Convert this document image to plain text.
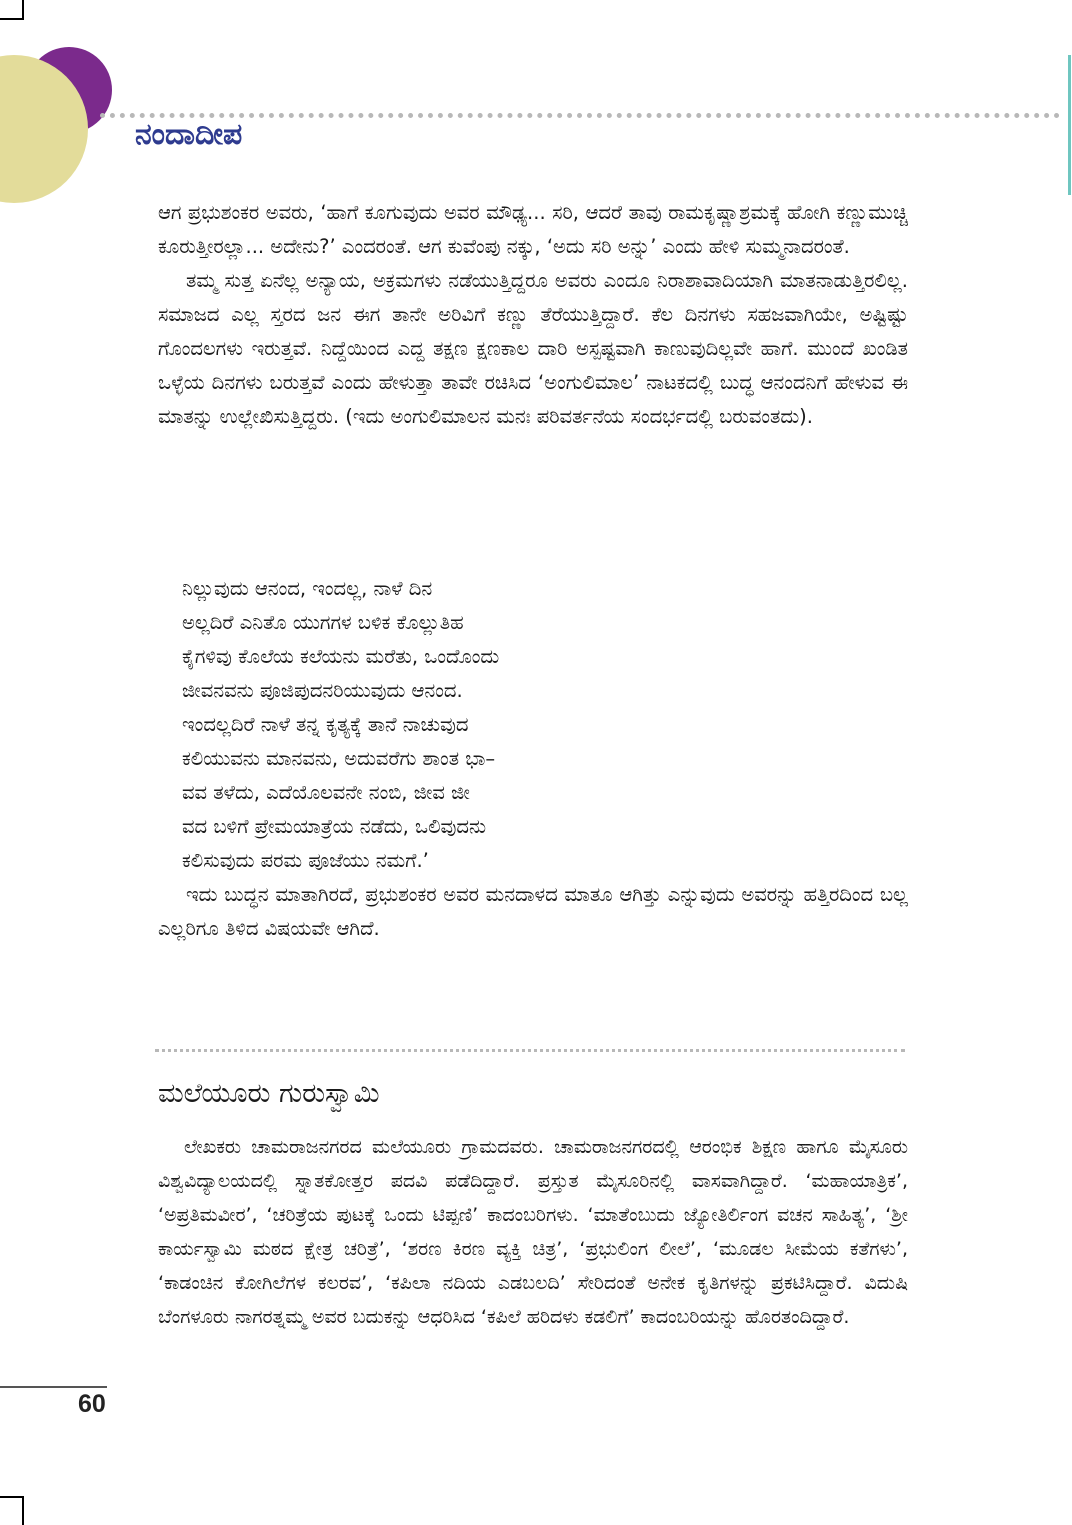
ನಂದಾದೀಪ

ಆಗ ಪ್ರಭುಶಂಕರ ಅವರು, ‘ಹಾಗೆ ಕೂಗುವುದು ಅವರ ಮೌಢ್ಯ... ಸರಿ, ಆದರೆ ತಾವು ರಾಮಕೃಷ್ಣಾಶ್ರಮಕ್ಕೆ ಹೋಗಿ ಕಣ್ಣುಮುಚ್ಚಿ ಕೂರುತ್ತೀರಲ್ಲಾ... ಅದೇನು?’ ಎಂದರಂತೆ. ಆಗ ಕುವೆಂಪು ನಕ್ಕು, ‘ಅದು ಸರಿ ಅನ್ನು’ ಎಂದು ಹೇಳಿ ಸುಮ್ಮನಾದರಂತೆ.

ತಮ್ಮ ಸುತ್ತ ಏನೆಲ್ಲ ಅನ್ಯಾಯ, ಅಕ್ರಮಗಳು ನಡೆಯುತ್ತಿದ್ದರೂ ಅವರು ಎಂದೂ ನಿರಾಶಾವಾದಿಯಾಗಿ ಮಾತನಾಡುತ್ತಿರಲಿಲ್ಲ. ಸಮಾಜದ ಎಲ್ಲ ಸ್ತರದ ಜನ ಈಗ ತಾನೇ ಅರಿವಿಗೆ ಕಣ್ಣು ತೆರೆಯುತ್ತಿದ್ದಾರೆ. ಕೆಲ ದಿನಗಳು ಸಹಜವಾಗಿಯೇ, ಅಷ್ಟಿಷ್ಟು ಗೊಂದಲಗಳು ಇರುತ್ತವೆ. ನಿದ್ದೆಯಿಂದ ಎದ್ದ ತಕ್ಷಣ ಕ್ಷಣಕಾಲ ದಾರಿ ಅಸ್ಪಷ್ಟವಾಗಿ ಕಾಣುವುದಿಲ್ಲವೇ ಹಾಗೆ. ಮುಂದೆ ಖಂಡಿತ ಒಳ್ಳೆಯ ದಿನಗಳು ಬರುತ್ತವೆ ಎಂದು ಹೇಳುತ್ತಾ ತಾವೇ ರಚಿಸಿದ ‘ಅಂಗುಲಿಮಾಲ’ ನಾಟಕದಲ್ಲಿ ಬುದ್ಧ ಆನಂದನಿಗೆ ಹೇಳುವ ಈ ಮಾತನ್ನು ಉಲ್ಲೇಖಿಸುತ್ತಿದ್ದರು. (ಇದು ಅಂಗುಲಿಮಾಲನ ಮನಃ ಪರಿವರ್ತನೆಯ ಸಂದರ್ಭದಲ್ಲಿ ಬರುವಂತದು).

ನಿಲ್ಲುವುದು ಆನಂದ, ಇಂದಲ್ಲ, ನಾಳೆ ದಿನ
ಅಲ್ಲದಿರೆ ಎನಿತೊ ಯುಗಗಳ ಬಳಿಕ ಕೊಲ್ಲುತಿಹ
ಕೈಗಳಿವು ಕೊಲೆಯ ಕಲೆಯನು ಮರೆತು, ಒಂದೊಂದು
ಜೀವನವನು ಪೂಜಿಪುದನರಿಯುವುದು ಆನಂದ.
ಇಂದಲ್ಲದಿರೆ ನಾಳೆ ತನ್ನ ಕೃತ್ಯಕ್ಕೆ ತಾನೆ ನಾಚುವುದ
ಕಲಿಯುವನು ಮಾನವನು, ಅದುವರೆಗು ಶಾಂತ ಭಾ–
ವವ ತಳೆದು, ಎದೆಯೊಲವನೇ ನಂಬಿ, ಜೀವ ಜೀ
ವದ ಬಳಿಗೆ ಪ್ರೇಮಯಾತ್ರೆಯ ನಡೆದು, ಒಲಿವುದನು
ಕಲಿಸುವುದು ಪರಮ ಪೂಜೆಯು ನಮಗೆ.’

ಇದು ಬುದ್ಧನ ಮಾತಾಗಿರದೆ, ಪ್ರಭುಶಂಕರ ಅವರ ಮನದಾಳದ ಮಾತೂ ಆಗಿತ್ತು ಎನ್ನುವುದು ಅವರನ್ನು ಹತ್ತಿರದಿಂದ ಬಲ್ಲ ಎಲ್ಲರಿಗೂ ತಿಳಿದ ವಿಷಯವೇ ಆಗಿದೆ.

ಮಲೆಯೂರು ಗುರುಸ್ವಾಮಿ

ಲೇಖಕರು ಚಾಮರಾಜನಗರದ ಮಲೆಯೂರು ಗ್ರಾಮದವರು. ಚಾಮರಾಜನಗರದಲ್ಲಿ ಆರಂಭಿಕ ಶಿಕ್ಷಣ ಹಾಗೂ ಮೈಸೂರು ವಿಶ್ವವಿದ್ಯಾಲಯದಲ್ಲಿ ಸ್ನಾತಕೋತ್ತರ ಪದವಿ ಪಡೆದಿದ್ದಾರೆ. ಪ್ರಸ್ತುತ ಮೈಸೂರಿನಲ್ಲಿ ವಾಸವಾಗಿದ್ದಾರೆ. ‘ಮಹಾಯಾತ್ರಿಕ’, ‘ಅಪ್ರತಿಮವೀರ’, ‘ಚರಿತ್ರೆಯ ಪುಟಕ್ಕೆ ಒಂದು ಟಿಪ್ಪಣಿ’ ಕಾದಂಬರಿಗಳು. ‘ಮಾತೆಂಬುದು ಜ್ಯೋತಿರ್ಲಿಂಗ ವಚನ ಸಾಹಿತ್ಯ’, ‘ಶ್ರೀ ಕಾರ್ಯಸ್ವಾಮಿ ಮಠದ ಕ್ಷೇತ್ರ ಚರಿತ್ರೆ’, ‘ಶರಣ ಕಿರಣ ವ್ಯಕ್ತಿ ಚಿತ್ರ’, ‘ಪ್ರಭುಲಿಂಗ ಲೀಲೆ’, ‘ಮೂಡಲ ಸೀಮೆಯ ಕತೆಗಳು’, ‘ಕಾಡಂಚಿನ ಕೋಗಿಲೆಗಳ ಕಲರವ’, ‘ಕಪಿಲಾ ನದಿಯ ಎಡಬಲದಿ’ ಸೇರಿದಂತೆ ಅನೇಕ ಕೃತಿಗಳನ್ನು ಪ್ರಕಟಿಸಿದ್ದಾರೆ. ವಿದುಷಿ ಬೆಂಗಳೂರು ನಾಗರತ್ನಮ್ಮ ಅವರ ಬದುಕನ್ನು ಆಧರಿಸಿದ ‘ಕಪಿಲೆ ಹರಿದಳು ಕಡಲಿಗೆ’ ಕಾದಂಬರಿಯನ್ನು ಹೊರತಂದಿದ್ದಾರೆ.

60
